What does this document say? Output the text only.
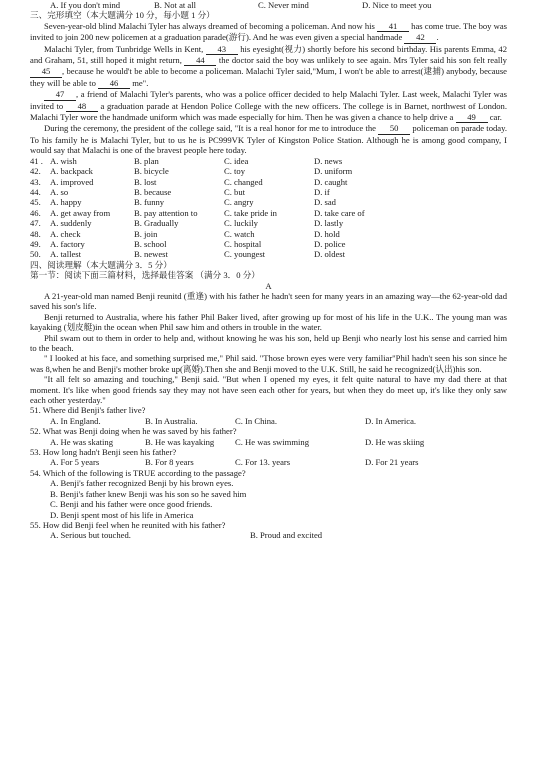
A. If you don't mind	B. Not at all	C. Never mind	D. Nice to meet you

三、完形填空（本大题满分 10 分，每小题 1 分）

Seven-year-old blind Malachi Tyler has always dreamed of becoming a policeman. And now his 41 has come true. The boy was invited to join 200 new policemen at a graduation parade(游行). And he was even given a special handmade 42 .

Malachi Tyler, from Tunbridge Wells in Kent, 43 his eyesight(视力) shortly before his second birthday. His parents Emma, 42 and Graham, 51, still hoped it might return, 44 the doctor said the boy was unlikely to see again. Mrs Tyler said his son felt really 45 , because he would't be able to become a policeman. Malachi Tyler said,"Mum, I won't be able to arrest(逮捕) anybody, because they will be able to 46 me".

47 , a friend of Malachi Tyler's parents, who was a police officer decided to help Malachi Tyler. Last week, Malachi Tyler was invited to 48 a graduation parade at Hendon Police College with the new officers. The college is in Barnet, northwest of London. Malachi Tyler wore the handmade uniform which was made especially for him. Then he was given a chance to help drive a 49 car.

During the ceremony, the president of the college said, "It is a real honor for me to introduce the 50 policeman on parade today. To his family he is Malachi Tyler, but to us he is PC999VK Tyler of Kingston Police Station. Although he is among good company, I would say that Malachi is one of the bravest people here today.

41 . A. wish	B. plan	C. idea	D. news
42.	A. backpack	B. bicycle	C. toy	D. uniform
43.	A. improved	B. lost	C. changed	D. caught
44.	A. so	B. because	C. but	D. if
45.	A. happy	B. funny	C. angry	D. sad
46.	A. get away from	B. pay attention to	C. take pride in	D. take care of
47.	A. suddenly	B. Gradually	C. luckily	D. lastly
48.	A. check	B. join	C. watch	D. hold
49.	A. factory	B. school	C. hospital	D. police
50.	A. tallest	B. newest	C. youngest	D. oldest

四、阅读理解（本大题满分 3．5 分）

第一节：阅读下面三篇材料，选择最佳答案 （满分 3．0 分）

A

A 21-year-old man named Benji reunitd (重逢) with his father he hadn't seen for many years in an amazing way—the 62-year-old dad saved his son's life.

Benji returned to Australia, where his father Phil Baker lived, after growing up for most of his life in the U.K.. The young man was kayaking (划皮艇)in the ocean when Phil saw him and others in trouble in the water.

Phil swam out to them in order to help and, without knowing he was his son, held up Benji who nearly lost his sense and carried him to the beach.

" I looked at his face, and something surprised me," Phil said. "Those brown eyes were very familiar"Phil hadn't seen his son since he was 8,when he and Benji's mother broke up(离婚).Then she and Benji moved to the U.K. Still, he said he recognized(认出)his son.

"It all felt so amazing and touching," Benji said. "But when I opened my eyes, it felt quite natural to have my dad there at that moment. It's like when good friends say they may not have seen each other for years, but when they do meet up, it's like they only saw each other yesterday."

51. Where did Benji's father live?

A. In England.	B. In Australia.	C. In China.	D. In America.

52. What was Benji doing when he was saved by his father?

A. He was skating	B. He was kayaking	C. He was swimming	D. He was skiing

53. How long hadn't Benji seen his father?

A. For 5 years	B. For 8 years	C. For 13. years	D. For 21 years

54. Which of the following is TRUE according to the passage?

A. Benji's father recognized Benji by his brown eyes.
B. Benji's father knew Benji was his son so he saved him
C. Benji and his father were once good friends.
D. Benji spent most of his life in America

55. How did Benji feel when he reunited with his father?

A. Serious but touched.	B. Proud and excited
